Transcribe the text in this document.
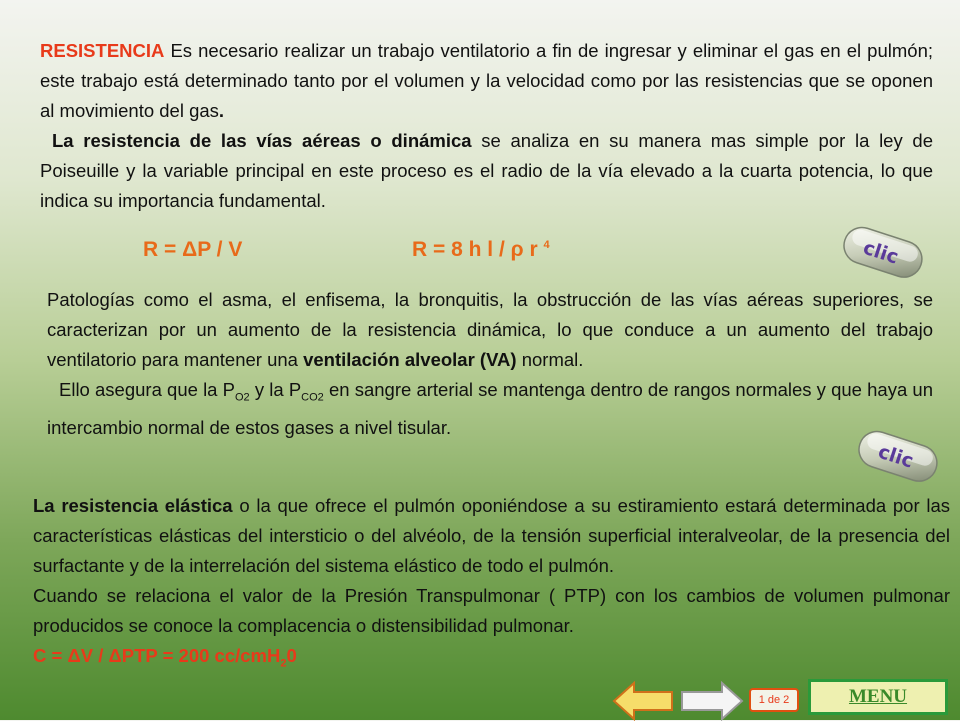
RESISTENCIA Es necesario realizar un trabajo ventilatorio a fin de ingresar y eliminar el gas en el pulmón; este trabajo está determinado tanto por el volumen y la velocidad como por las resistencias que se oponen al movimiento del gas.
La resistencia de las vías aéreas o dinámica se analiza en su manera mas simple por la ley de Poiseuille y la variable principal en este proceso es el radio de la vía elevado a la cuarta potencia, lo que indica su importancia fundamental.
R = ΔP / V	R = 8 h l / ρ r $^4$	clic
Patologías como el asma, el enfisema, la bronquitis, la obstrucción de las vías aéreas superiores, se caracterizan por un aumento de la resistencia dinámica, lo que conduce a un aumento del trabajo ventilatorio para mantener una ventilación alveolar (VA) normal.
Ello asegura que la $P_{O2}$ y la $P_{CO2}$ en sangre arterial se mantenga dentro de rangos normales y que haya un intercambio normal de estos gases a nivel tisular.
clic
La resistencia elástica o la que ofrece el pulmón oponiéndose a su estiramiento estará determinada por las características elásticas del intersticio o del alvéolo, de la tensión superficial interalveolar, de la presencia del surfactante y de la interrelación del sistema elástico de todo el pulmón.
Cuando se relaciona el valor de la Presión Transpulmonar ( PTP) con los cambios de volumen pulmonar producidos se conoce la complacencia o distensibilidad pulmonar.
C = ΔV / ΔPTP = 200 cc/cmH$_2$0
1 de 2	MENU
